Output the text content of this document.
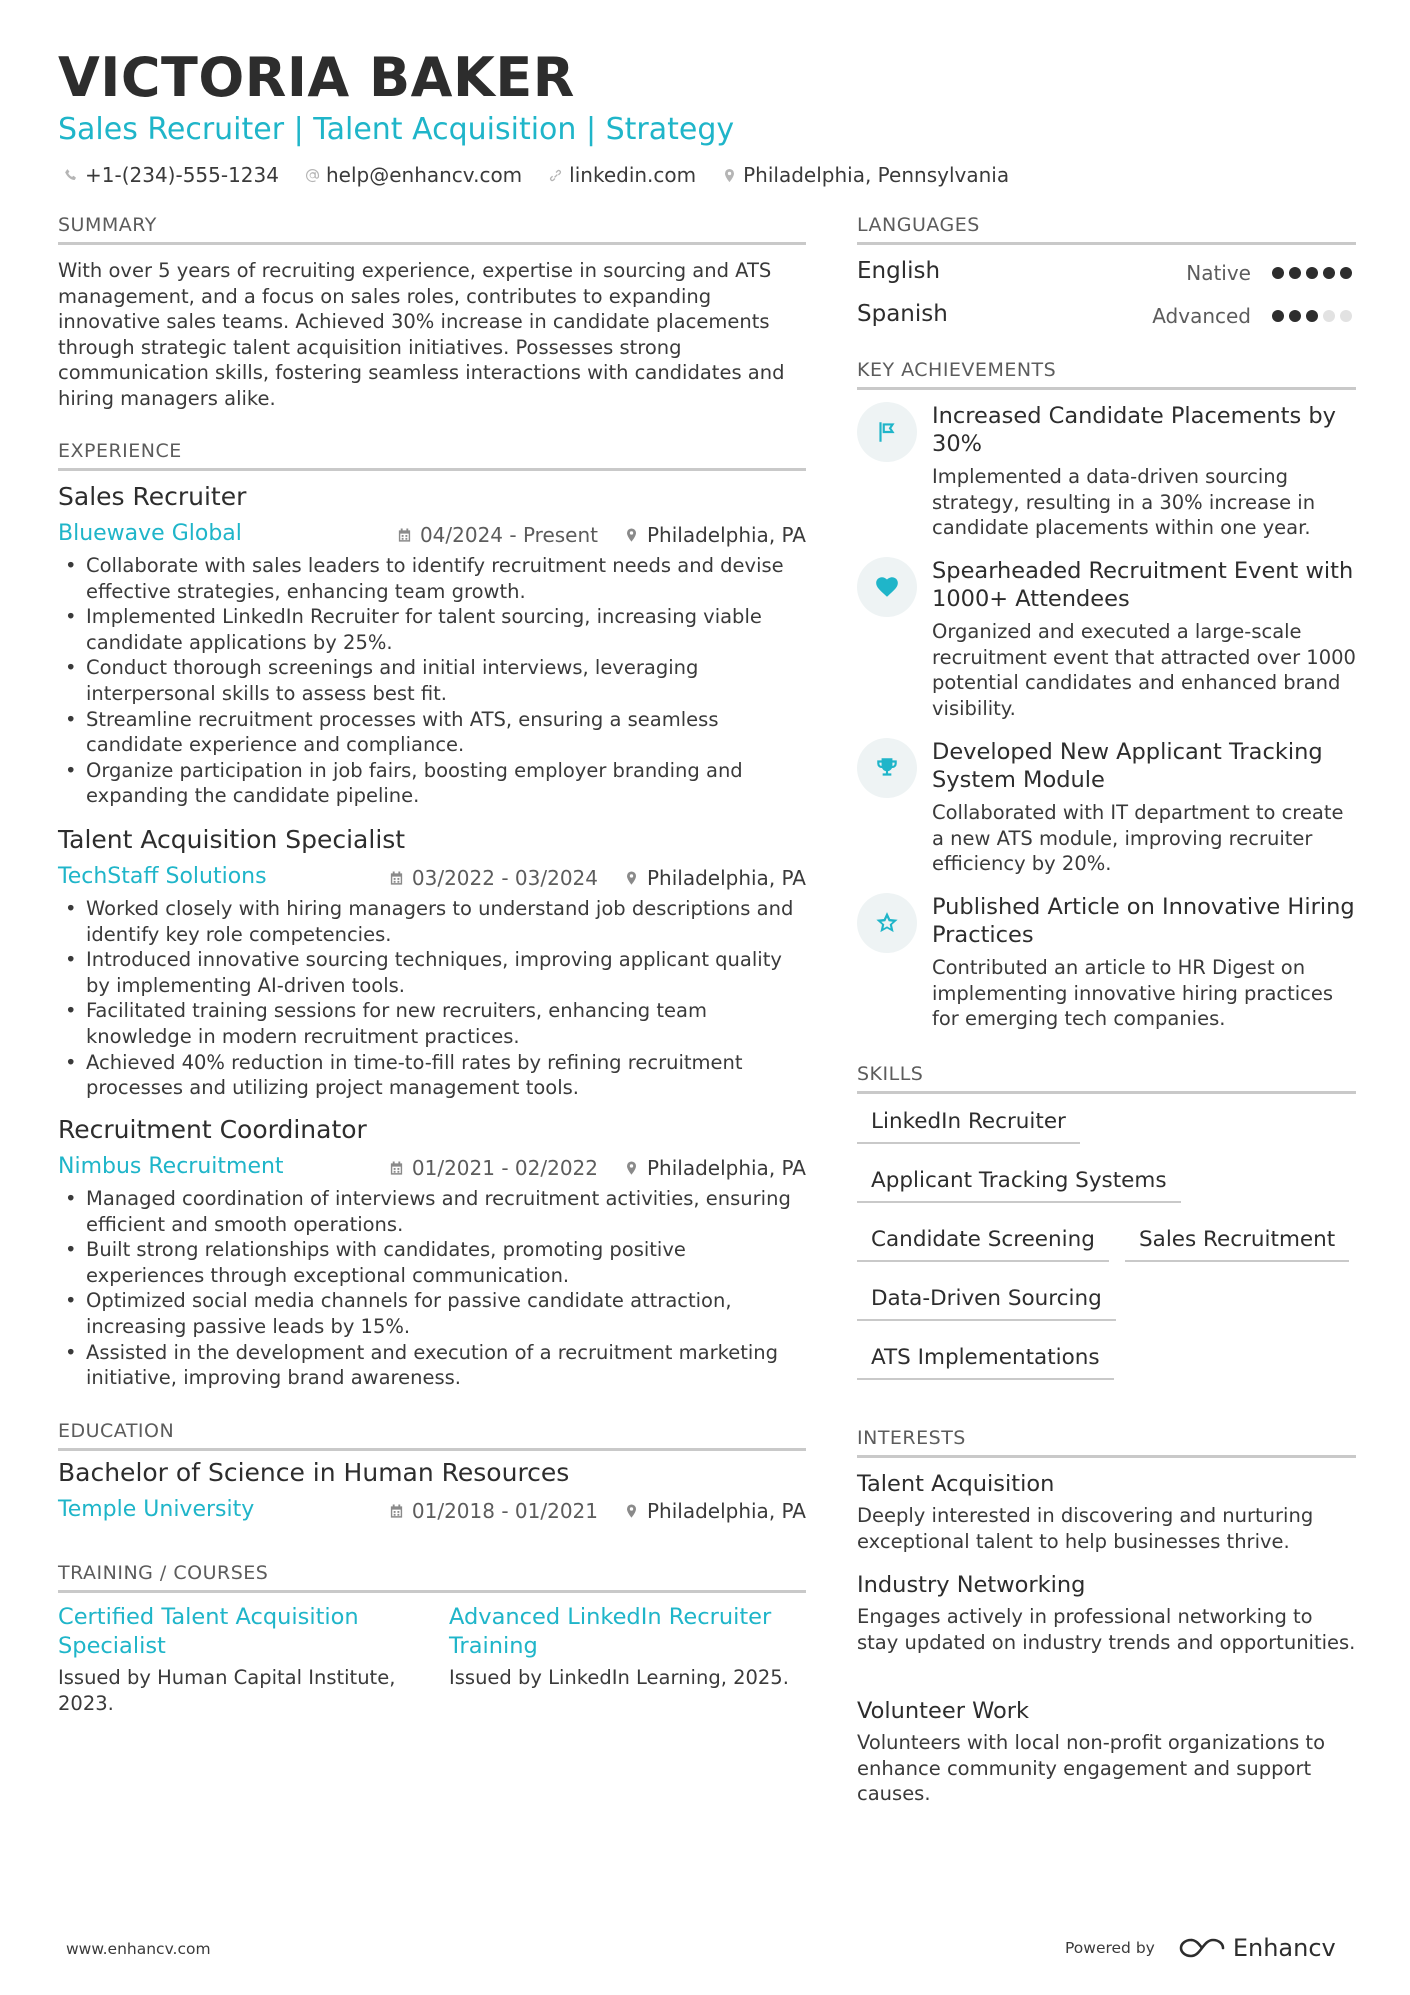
VICTORIA BAKER
Sales Recruiter | Talent Acquisition | Strategy
+1-(234)-555-1234 help@enhancv.com linkedin.com Philadelphia, Pennsylvania
SUMMARY
With over 5 years of recruiting experience, expertise in sourcing and ATS management, and a focus on sales roles, contributes to expanding innovative sales teams. Achieved 30% increase in candidate placements through strategic talent acquisition initiatives. Possesses strong communication skills, fostering seamless interactions with candidates and hiring managers alike.
EXPERIENCE
Sales Recruiter
Bluewave Global	04/2024 - Present Philadelphia, PA
• Collaborate with sales leaders to identify recruitment needs and devise effective strategies, enhancing team growth.
• Implemented LinkedIn Recruiter for talent sourcing, increasing viable candidate applications by 25%.
• Conduct thorough screenings and initial interviews, leveraging interpersonal skills to assess best fit.
• Streamline recruitment processes with ATS, ensuring a seamless candidate experience and compliance.
• Organize participation in job fairs, boosting employer branding and expanding the candidate pipeline.
Talent Acquisition Specialist
TechStaff Solutions	03/2022 - 03/2024 Philadelphia, PA
• Worked closely with hiring managers to understand job descriptions and identify key role competencies.
• Introduced innovative sourcing techniques, improving applicant quality by implementing AI-driven tools.
• Facilitated training sessions for new recruiters, enhancing team knowledge in modern recruitment practices.
• Achieved 40% reduction in time-to-fill rates by refining recruitment processes and utilizing project management tools.
Recruitment Coordinator
Nimbus Recruitment	01/2021 - 02/2022 Philadelphia, PA
• Managed coordination of interviews and recruitment activities, ensuring efficient and smooth operations.
• Built strong relationships with candidates, promoting positive experiences through exceptional communication.
• Optimized social media channels for passive candidate attraction, increasing passive leads by 15%.
• Assisted in the development and execution of a recruitment marketing initiative, improving brand awareness.
EDUCATION
Bachelor of Science in Human Resources
Temple University	01/2018 - 01/2021 Philadelphia, PA
TRAINING / COURSES
Certified Talent Acquisition Specialist
Issued by Human Capital Institute, 2023.
Advanced LinkedIn Recruiter Training
Issued by LinkedIn Learning, 2025.
LANGUAGES
English	Native
Spanish	Advanced
KEY ACHIEVEMENTS
Increased Candidate Placements by 30%
Implemented a data-driven sourcing strategy, resulting in a 30% increase in candidate placements within one year.
Spearheaded Recruitment Event with 1000+ Attendees
Organized and executed a large-scale recruitment event that attracted over 1000 potential candidates and enhanced brand visibility.
Developed New Applicant Tracking System Module
Collaborated with IT department to create a new ATS module, improving recruiter efficiency by 20%.
Published Article on Innovative Hiring Practices
Contributed an article to HR Digest on implementing innovative hiring practices for emerging tech companies.
SKILLS
LinkedIn Recruiter
Applicant Tracking Systems
Candidate Screening	Sales Recruitment
Data-Driven Sourcing
ATS Implementations
INTERESTS
Talent Acquisition
Deeply interested in discovering and nurturing exceptional talent to help businesses thrive.
Industry Networking
Engages actively in professional networking to stay updated on industry trends and opportunities.
Volunteer Work
Volunteers with local non-profit organizations to enhance community engagement and support causes.
www.enhancv.com	Powered by	Enhancv
